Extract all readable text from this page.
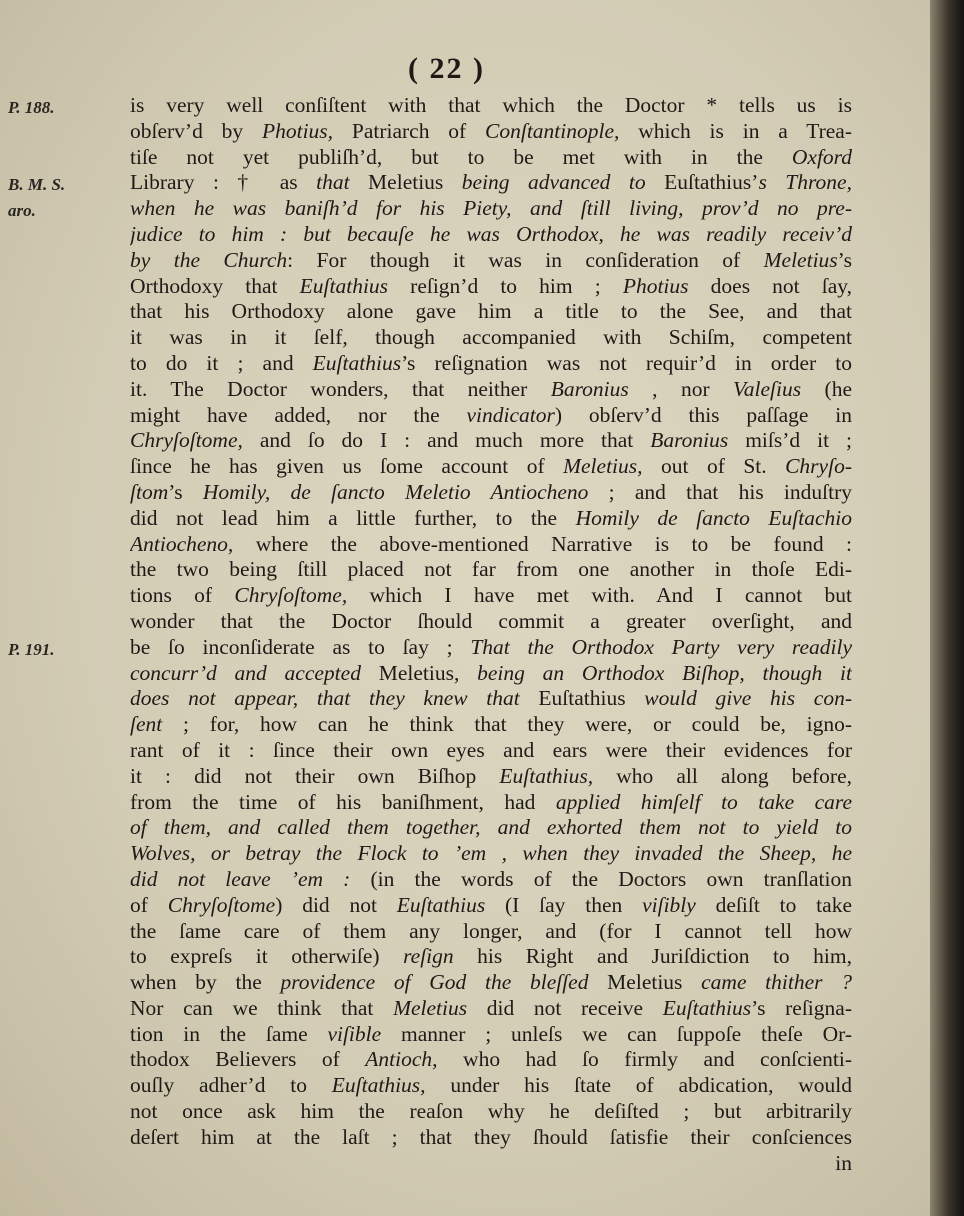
( 22 )
P. 188.
B. M. S.
aro.
P. 191.
is very well conſiſtent with that which the Doctor * tells us is
obſerv’d by Photius, Patriarch of Conſtantinople, which is in a Trea-
tiſe not yet publiſh’d, but to be met with in the Oxford
Library : † as that Meletius being advanced to Euſtathius’s Throne,
when he was baniſh’d for his Piety, and ſtill living, prov’d no pre-
judice to him : but becauſe he was Orthodox, he was readily receiv’d
by the Church: For though it was in conſideration of Meletius’s
Orthodoxy that Euſtathius reſign’d to him ; Photius does not ſay,
that his Orthodoxy alone gave him a title to the See, and that
it was in it ſelf, though accompanied with Schiſm, competent
to do it ; and Euſtathius’s reſignation was not requir’d in order to
it. The Doctor wonders, that neither Baronius , nor Valeſius (he
might have added, nor the vindicator) obſerv’d this paſſage in
Chryſoſtome, and ſo do I : and much more that Baronius miſs’d it ;
ſince he has given us ſome account of Meletius, out of St. Chryſo-
ſtom’s Homily, de ſancto Meletio Antiocheno ; and that his induſtry
did not lead him a little further, to the Homily de ſancto Euſtachio
Antiocheno, where the above-mentioned Narrative is to be found :
the two being ſtill placed not far from one another in thoſe Edi-
tions of Chryſoſtome, which I have met with. And I cannot but
wonder that the Doctor ſhould commit a greater overſight, and
be ſo inconſiderate as to ſay ; That the Orthodox Party very readily
concurr’d and accepted Meletius, being an Orthodox Biſhop, though it
does not appear, that they knew that Euſtathius would give his con-
ſent ; for, how can he think that they were, or could be, igno-
rant of it : ſince their own eyes and ears were their evidences for
it : did not their own Biſhop Euſtathius, who all along before,
from the time of his baniſhment, had applied himſelf to take care
of them, and called them together, and exhorted them not to yield to
Wolves, or betray the Flock to ’em , when they invaded the Sheep, he
did not leave ’em : (in the words of the Doctors own tranſlation
of Chryſoſtome) did not Euſtathius (I ſay then viſibly deſiſt to take
the ſame care of them any longer, and (for I cannot tell how
to expreſs it otherwiſe) reſign his Right and Juriſdiction to him,
when by the providence of God the bleſſed Meletius came thither ?
Nor can we think that Meletius did not receive Euſtathius’s reſigna-
tion in the ſame viſible manner ; unleſs we can ſuppoſe theſe Or-
thodox Believers of Antioch, who had ſo firmly and conſcienti-
ouſly adher’d to Euſtathius, under his ſtate of abdication, would
not once ask him the reaſon why he deſiſted ; but arbitrarily
deſert him at the laſt ; that they ſhould ſatisfie their conſciences
in
